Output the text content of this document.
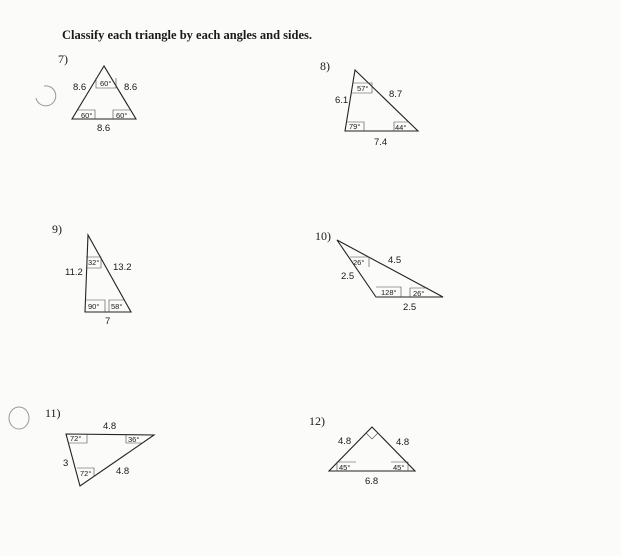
Classify each triangle by each angles and sides.
7)	8)
9)	10)
11)
12)
60°
60°	60°
8.6	8.6
8.6
57°
79°	44°
6.1
8.7
7.4
32°
90° 58°
11.2	13.2
7
26°
128° 26°
2.5
4.5
2.5
72°	36°
72°
4.8
3
4.8	45°	45°
4.8	4.8
6.8
